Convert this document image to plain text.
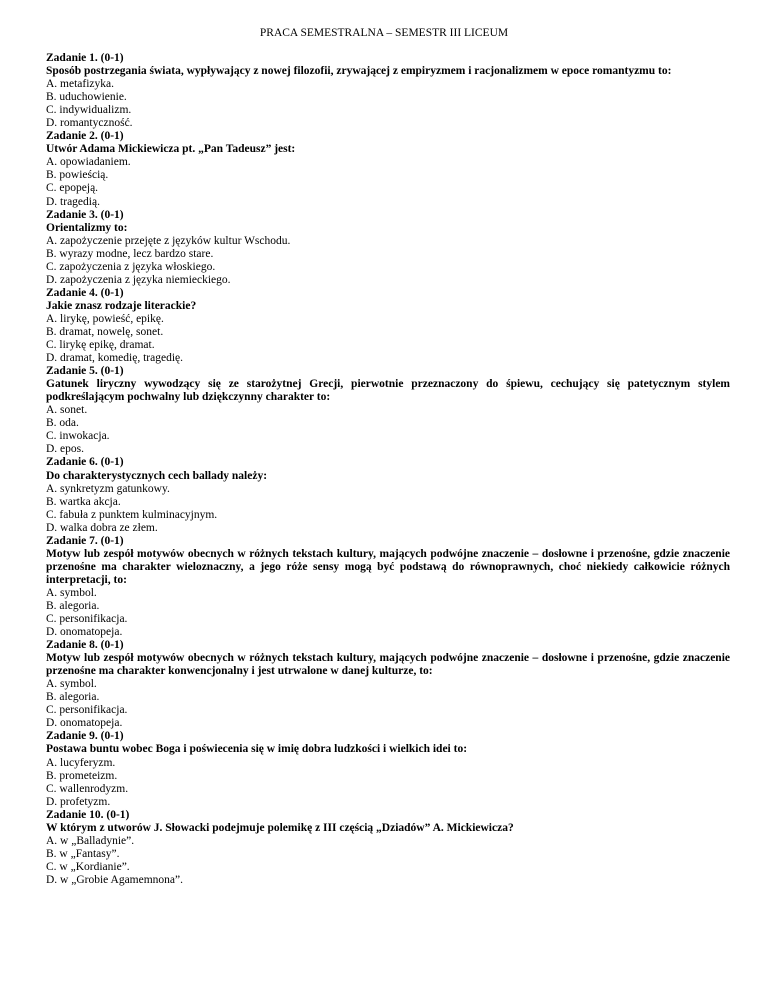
PRACA SEMESTRALNA – SEMESTR III LICEUM
Zadanie 1. (0-1)
Sposób postrzegania świata, wypływający z nowej filozofii, zrywającej z empiryzmem i racjonalizmem w epoce romantyzmu to:
A. metafizyka.
B. uduchowienie.
C. indywidualizm.
D. romantyczność.
Zadanie 2. (0-1)
Utwór Adama Mickiewicza pt. „Pan Tadeusz” jest:
A. opowiadaniem.
B. powieścią.
C. epopeją.
D. tragedią.
Zadanie 3. (0-1)
Orientalizmy to:
A. zapożyczenie przejęte z języków kultur Wschodu.
B. wyrazy modne, lecz bardzo stare.
C. zapożyczenia z języka włoskiego.
D. zapożyczenia z języka niemieckiego.
Zadanie 4. (0-1)
Jakie znasz rodzaje literackie?
A. lirykę, powieść, epikę.
B. dramat, nowelę, sonet.
C. lirykę epikę, dramat.
D. dramat, komedię, tragedię.
Zadanie 5. (0-1)
Gatunek liryczny wywodzący się ze starożytnej Grecji, pierwotnie przeznaczony do śpiewu, cechujący się patetycznym stylem podkreślającym pochwalny lub dziękczynny charakter to:
A. sonet.
B. oda.
C. inwokacja.
D. epos.
Zadanie 6. (0-1)
Do charakterystycznych cech ballady należy:
A. synkretyzm gatunkowy.
B. wartka akcja.
C. fabuła z punktem kulminacyjnym.
D. walka dobra ze złem.
Zadanie 7. (0-1)
Motyw lub zespół motywów obecnych w różnych tekstach kultury, mających podwójne znaczenie – dosłowne i przenośne, gdzie znaczenie przenośne ma charakter wieloznaczny, a jego róże sensy mogą być podstawą do równoprawnych, choć niekiedy całkowicie różnych interpretacji, to:
A. symbol.
B. alegoria.
C. personifikacja.
D. onomatopeja.
Zadanie 8. (0-1)
Motyw lub zespół motywów obecnych w różnych tekstach kultury, mających podwójne znaczenie – dosłowne i przenośne, gdzie znaczenie przenośne ma charakter konwencjonalny i jest utrwalone w danej kulturze, to:
A. symbol.
B. alegoria.
C. personifikacja.
D. onomatopeja.
Zadanie 9. (0-1)
Postawa buntu wobec Boga i poświecenia się w imię dobra ludzkości i wielkich idei to:
A. lucyferyzm.
B. prometeizm.
C. wallenrodyzm.
D. profetyzm.
Zadanie 10. (0-1)
W którym z utworów J. Słowacki podejmuje polemikę z III częścią „Dziadów” A. Mickiewicza?
A. w „Balladynie”.
B. w „Fantasy”.
C. w „Kordianie”.
D. w „Grobie Agamemnona”.
